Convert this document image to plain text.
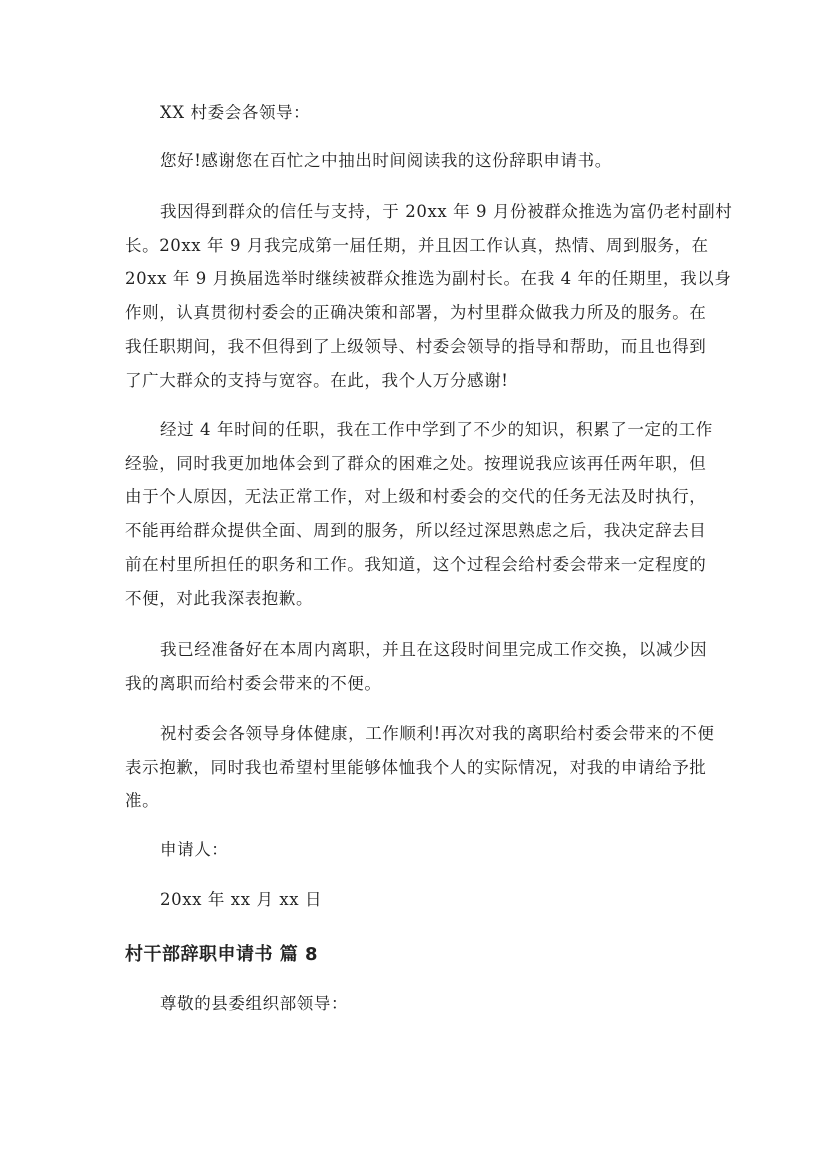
XX 村委会各领导：
您好!感谢您在百忙之中抽出时间阅读我的这份辞职申请书。
我因得到群众的信任与支持，于 20xx 年 9 月份被群众推选为富仍老村副村
长。20xx 年 9 月我完成第一届任期，并且因工作认真，热情、周到服务，在
20xx 年 9 月换届选举时继续被群众推选为副村长。在我 4 年的任期里，我以身
作则，认真贯彻村委会的正确决策和部署，为村里群众做我力所及的服务。在
我任职期间，我不但得到了上级领导、村委会领导的指导和帮助，而且也得到
了广大群众的支持与宽容。在此，我个人万分感谢!
经过 4 年时间的任职，我在工作中学到了不少的知识，积累了一定的工作
经验，同时我更加地体会到了群众的困难之处。按理说我应该再任两年职，但
由于个人原因，无法正常工作，对上级和村委会的交代的任务无法及时执行，
不能再给群众提供全面、周到的服务，所以经过深思熟虑之后，我决定辞去目
前在村里所担任的职务和工作。我知道，这个过程会给村委会带来一定程度的
不便，对此我深表抱歉。
我已经准备好在本周内离职，并且在这段时间里完成工作交换，以减少因
我的离职而给村委会带来的不便。
祝村委会各领导身体健康，工作顺利!再次对我的离职给村委会带来的不便
表示抱歉，同时我也希望村里能够体恤我个人的实际情况，对我的申请给予批
准。
申请人：
20xx 年 xx 月 xx 日
村干部辞职申请书 篇 8
尊敬的县委组织部领导：
